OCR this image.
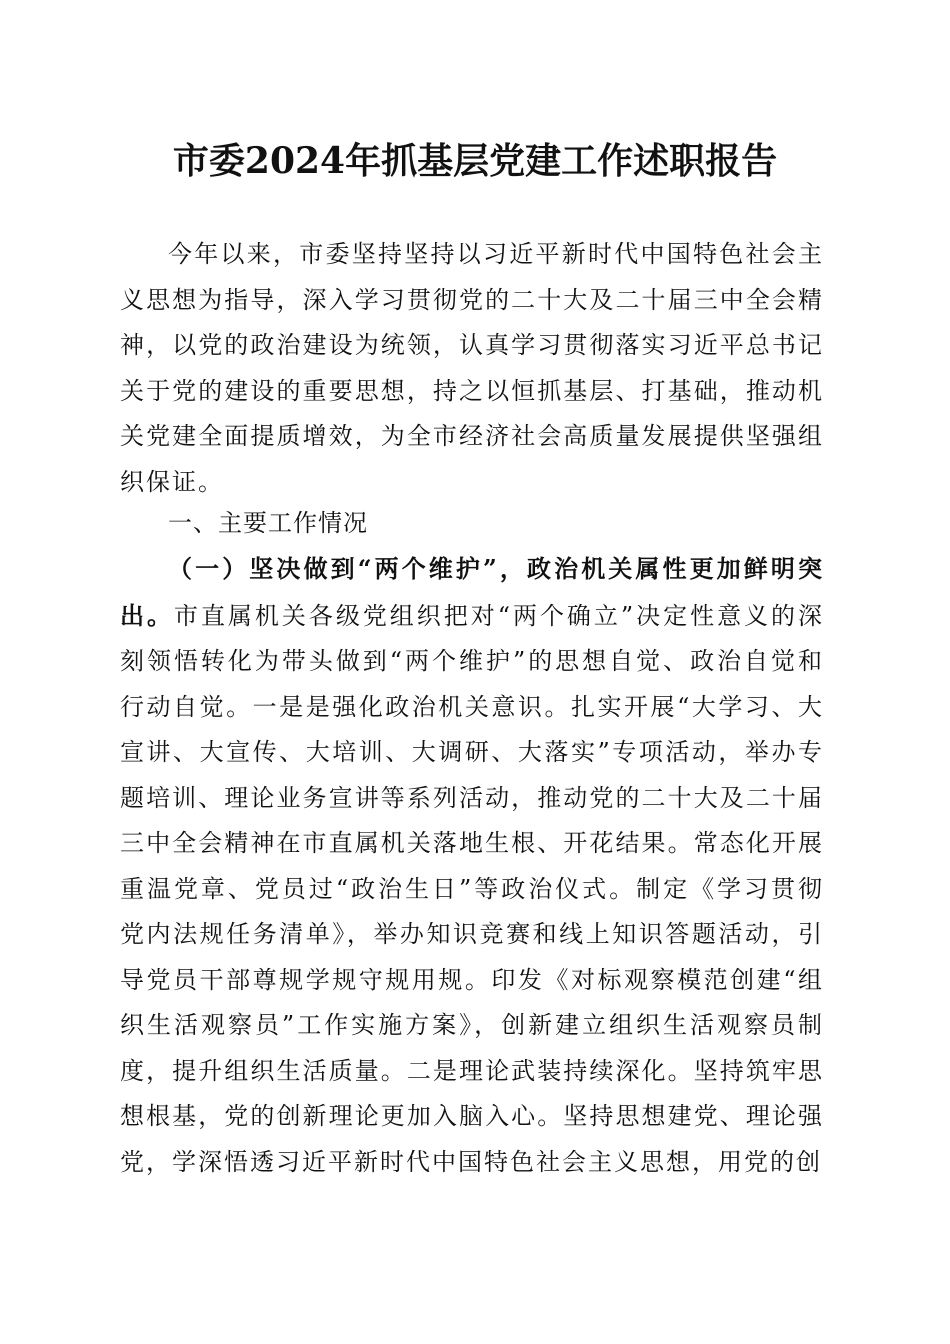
市委2024年抓基层党建工作述职报告

今年以来，市委坚持坚持以习近平新时代中国特色社会主义思想为指导，深入学习贯彻党的二十大及二十届三中全会精神，以党的政治建设为统领，认真学习贯彻落实习近平总书记关于党的建设的重要思想，持之以恒抓基层、打基础，推动机关党建全面提质增效，为全市经济社会高质量发展提供坚强组织保证。

一、主要工作情况

（一）坚决做到“两个维护”，政治机关属性更加鲜明突出。市直属机关各级党组织把对“两个确立”决定性意义的深刻领悟转化为带头做到“两个维护”的思想自觉、政治自觉和行动自觉。一是是强化政治机关意识。扎实开展“大学习、大宣讲、大宣传、大培训、大调研、大落实”专项活动，举办专题培训、理论业务宣讲等系列活动，推动党的二十大及二十届三中全会精神在市直属机关落地生根、开花结果。常态化开展重温党章、党员过“政治生日”等政治仪式。制定《学习贯彻党内法规任务清单》，举办知识竞赛和线上知识答题活动，引导党员干部尊规学规守规用规。印发《对标观察模范创建“组织生活观察员”工作实施方案》，创新建立组织生活观察员制度，提升组织生活质量。二是理论武装持续深化。坚持筑牢思想根基，党的创新理论更加入脑入心。坚持思想建党、理论强党，学深悟透习近平新时代中国特色社会主义思想，用党的创
